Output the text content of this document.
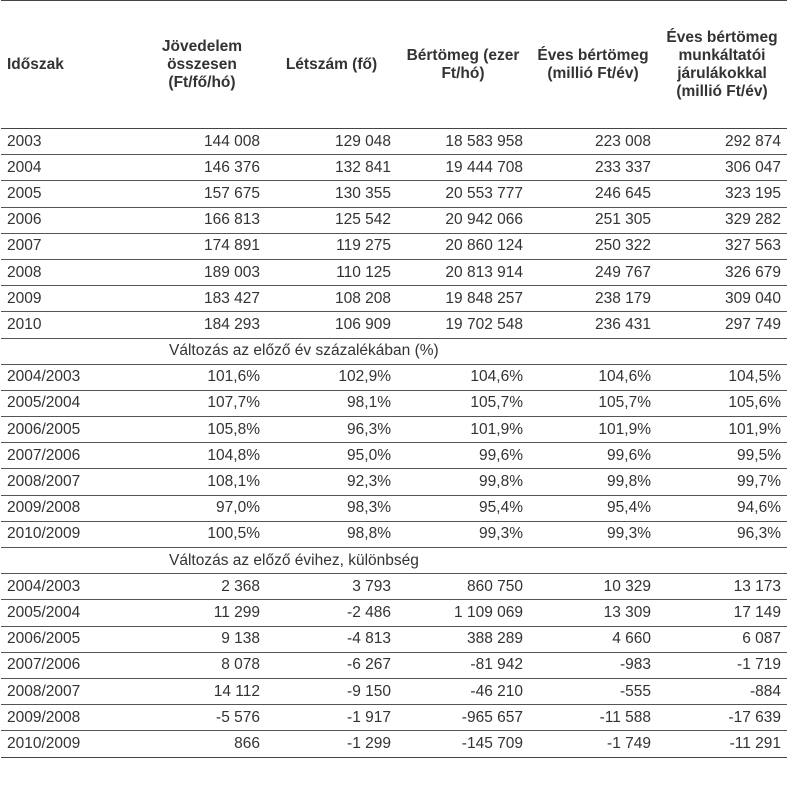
Időszak	Jövedelem összesen (Ft/fő/hó)	Létszám (fő)	Bértömeg (ezer Ft/hó)	Éves bértömeg (millió Ft/év)	Éves bértömeg munkáltatói járulákokkal (millió Ft/év)
2003	144 008	129 048	18 583 958	223 008	292 874
2004	146 376	132 841	19 444 708	233 337	306 047
2005	157 675	130 355	20 553 777	246 645	323 195
2006	166 813	125 542	20 942 066	251 305	329 282
2007	174 891	119 275	20 860 124	250 322	327 563
2008	189 003	110 125	20 813 914	249 767	326 679
2009	183 427	108 208	19 848 257	238 179	309 040
2010	184 293	106 909	19 702 548	236 431	297 749
Változás az előző év százalékában (%)					
2004/2003	101,6%	102,9%	104,6%	104,6%	104,5%
2005/2004	107,7%	98,1%	105,7%	105,7%	105,6%
2006/2005	105,8%	96,3%	101,9%	101,9%	101,9%
2007/2006	104,8%	95,0%	99,6%	99,6%	99,5%
2008/2007	108,1%	92,3%	99,8%	99,8%	99,7%
2009/2008	97,0%	98,3%	95,4%	95,4%	94,6%
2010/2009	100,5%	98,8%	99,3%	99,3%	96,3%
Változás az előző évihez, különbség					
2004/2003	2 368	3 793	860 750	10 329	13 173
2005/2004	11 299	-2 486	1 109 069	13 309	17 149
2006/2005	9 138	-4 813	388 289	4 660	6 087
2007/2006	8 078	-6 267	-81 942	-983	-1 719
2008/2007	14 112	-9 150	-46 210	-555	-884
2009/2008	-5 576	-1 917	-965 657	-11 588	-17 639
2010/2009	866	-1 299	-145 709	-1 749	-11 291
